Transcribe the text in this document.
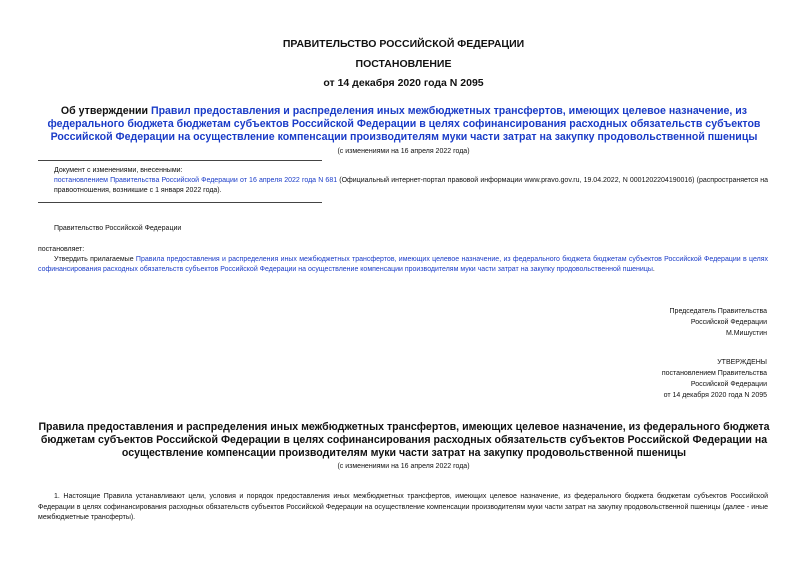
ПРАВИТЕЛЬСТВО РОССИЙСКОЙ ФЕДЕРАЦИИ
ПОСТАНОВЛЕНИЕ
от 14 декабря 2020 года N 2095
Об утверждении Правил предоставления и распределения иных межбюджетных трансфертов, имеющих целевое назначение, из федерального бюджета бюджетам субъектов Российской Федерации в целях софинансирования расходных обязательств субъектов Российской Федерации на осуществление компенсации производителям муки части затрат на закупку продовольственной пшеницы
(с изменениями на 16 апреля 2022 года)
Документ с изменениями, внесенными:
постановлением Правительства Российской Федерации от 16 апреля 2022 года N 681 (Официальный интернет-портал правовой информации www.pravo.gov.ru, 19.04.2022, N 0001202204190016) (распространяется на правоотношения, возникшие с 1 января 2022 года).
Правительство Российской Федерации
постановляет:
Утвердить прилагаемые Правила предоставления и распределения иных межбюджетных трансфертов, имеющих целевое назначение, из федерального бюджета бюджетам субъектов Российской Федерации в целях софинансирования расходных обязательств субъектов Российской Федерации на осуществление компенсации производителям муки части затрат на закупку продовольственной пшеницы.
Председатель Правительства
Российской Федерации
М.Мишустин
УТВЕРЖДЕНЫ
постановлением Правительства
Российской Федерации
от 14 декабря 2020 года N 2095
Правила предоставления и распределения иных межбюджетных трансфертов, имеющих целевое назначение, из федерального бюджета бюджетам субъектов Российской Федерации в целях софинансирования расходных обязательств субъектов Российской Федерации на осуществление компенсации производителям муки части затрат на закупку продовольственной пшеницы
(с изменениями на 16 апреля 2022 года)
1. Настоящие Правила устанавливают цели, условия и порядок предоставления иных межбюджетных трансфертов, имеющих целевое назначение, из федерального бюджета бюджетам субъектов Российской Федерации в целях софинансирования расходных обязательств субъектов Российской Федерации на осуществление компенсации производителям муки части затрат на закупку продовольственной пшеницы (далее - иные межбюджетные трансферты).
